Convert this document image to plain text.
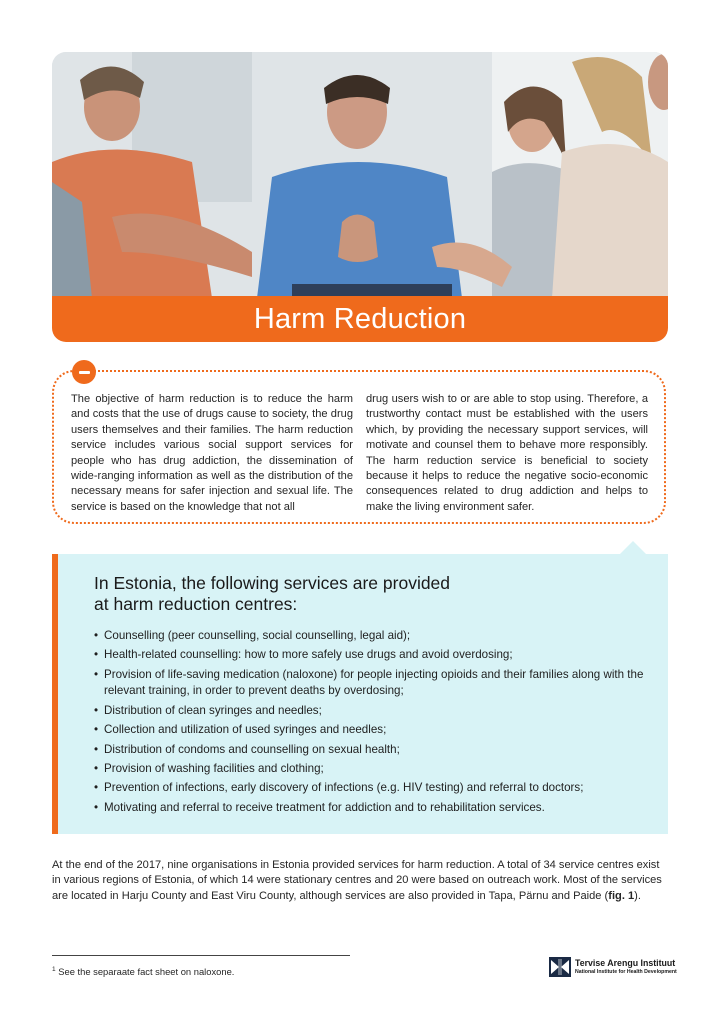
Harm Reduction

The objective of harm reduction is to reduce the harm and costs that the use of drugs cause to society, the drug users themselves and their families. The harm reduction service includes various social support services for people who has drug addiction, the dissemination of wide-ranging information as well as the distribution of the necessary means for safer injection and sexual life. The service is based on the knowledge that not all

drug users wish to or are able to stop using. Therefore, a trustworthy contact must be established with the users which, by providing the necessary support services, will motivate and counsel them to behave more responsibly. The harm reduction service is beneficial to society because it helps to reduce the negative socio-economic consequences related to drug addiction and helps to make the living environment safer.

In Estonia, the following services are provided
at harm reduction centres:
• Counselling (peer counselling, social counselling, legal aid);
• Health-related counselling: how to more safely use drugs and avoid overdosing;
• Provision of life-saving medication (naloxone) for people injecting opioids and their families along with the relevant training, in order to prevent deaths by overdosing;
• Distribution of clean syringes and needles;
• Collection and utilization of used syringes and needles;
• Distribution of condoms and counselling on sexual health;
• Provision of washing facilities and clothing;
• Prevention of infections, early discovery of infections (e.g. HIV testing) and referral to doctors;
• Motivating and referral to receive treatment for addiction and to rehabilitation services.

At the end of the 2017, nine organisations in Estonia provided services for harm reduction. A total of 34 service centres exist in various regions of Estonia, of which 14 were stationary centres and 20 were based on outreach work. Most of the services are located in Harju County and East Viru County, although services are also provided in Tapa, Pärnu and Paide (fig. 1).

$^1$ See the separaate fact sheet on naloxone.

Tervise Arengu Instituut
National Institute for Health Development
